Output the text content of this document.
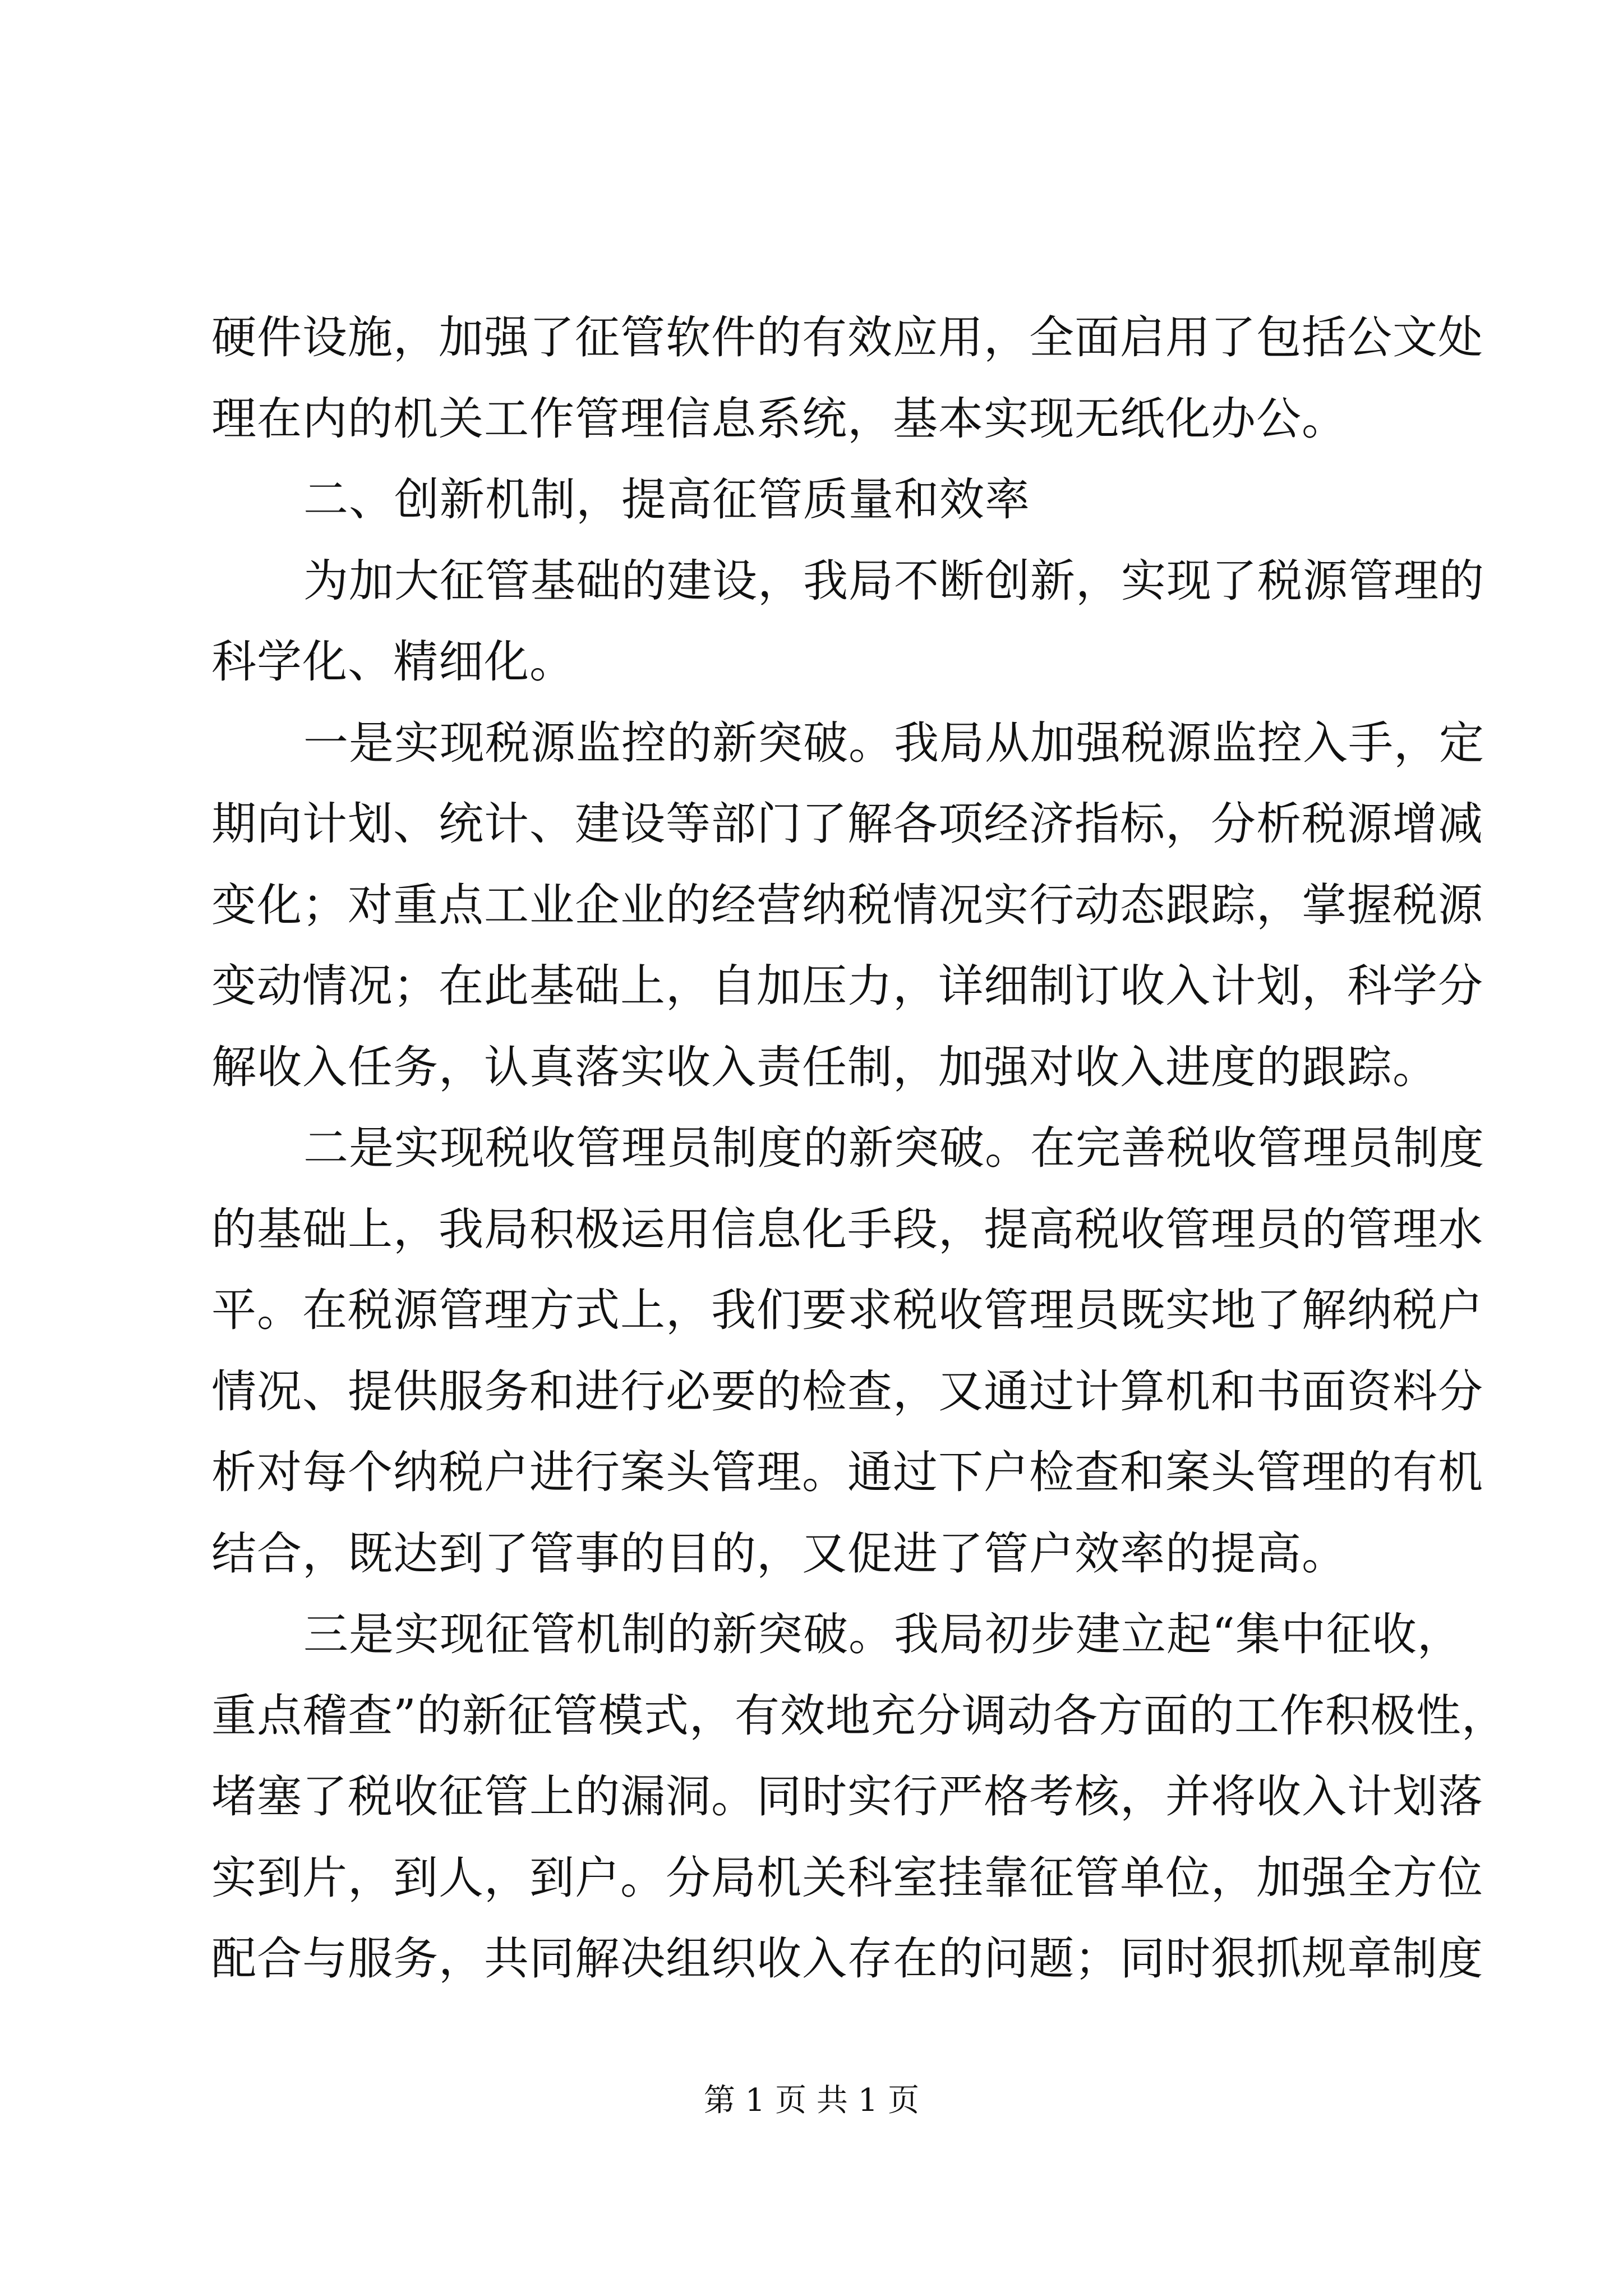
硬件设施，加强了征管软件的有效应用，全面启用了包括公文处
理在内的机关工作管理信息系统，基本实现无纸化办公。
二、创新机制，提高征管质量和效率
为加大征管基础的建设，我局不断创新，实现了税源管理的
科学化、精细化。
一是实现税源监控的新突破。我局从加强税源监控入手，定
期向计划、统计、建设等部门了解各项经济指标，分析税源增减
变化；对重点工业企业的经营纳税情况实行动态跟踪，掌握税源
变动情况；在此基础上，自加压力，详细制订收入计划，科学分
解收入任务，认真落实收入责任制，加强对收入进度的跟踪。
二是实现税收管理员制度的新突破。在完善税收管理员制度
的基础上，我局积极运用信息化手段，提高税收管理员的管理水
平。在税源管理方式上，我们要求税收管理员既实地了解纳税户
情况、提供服务和进行必要的检查，又通过计算机和书面资料分
析对每个纳税户进行案头管理。通过下户检查和案头管理的有机
结合，既达到了管事的目的，又促进了管户效率的提高。
三是实现征管机制的新突破。我局初步建立起“集中征收，
重点稽查”的新征管模式，有效地充分调动各方面的工作积极性，
堵塞了税收征管上的漏洞。同时实行严格考核，并将收入计划落
实到片，到人，到户。分局机关科室挂靠征管单位，加强全方位
配合与服务，共同解决组织收入存在的问题；同时狠抓规章制度
第 1 页 共 1 页
